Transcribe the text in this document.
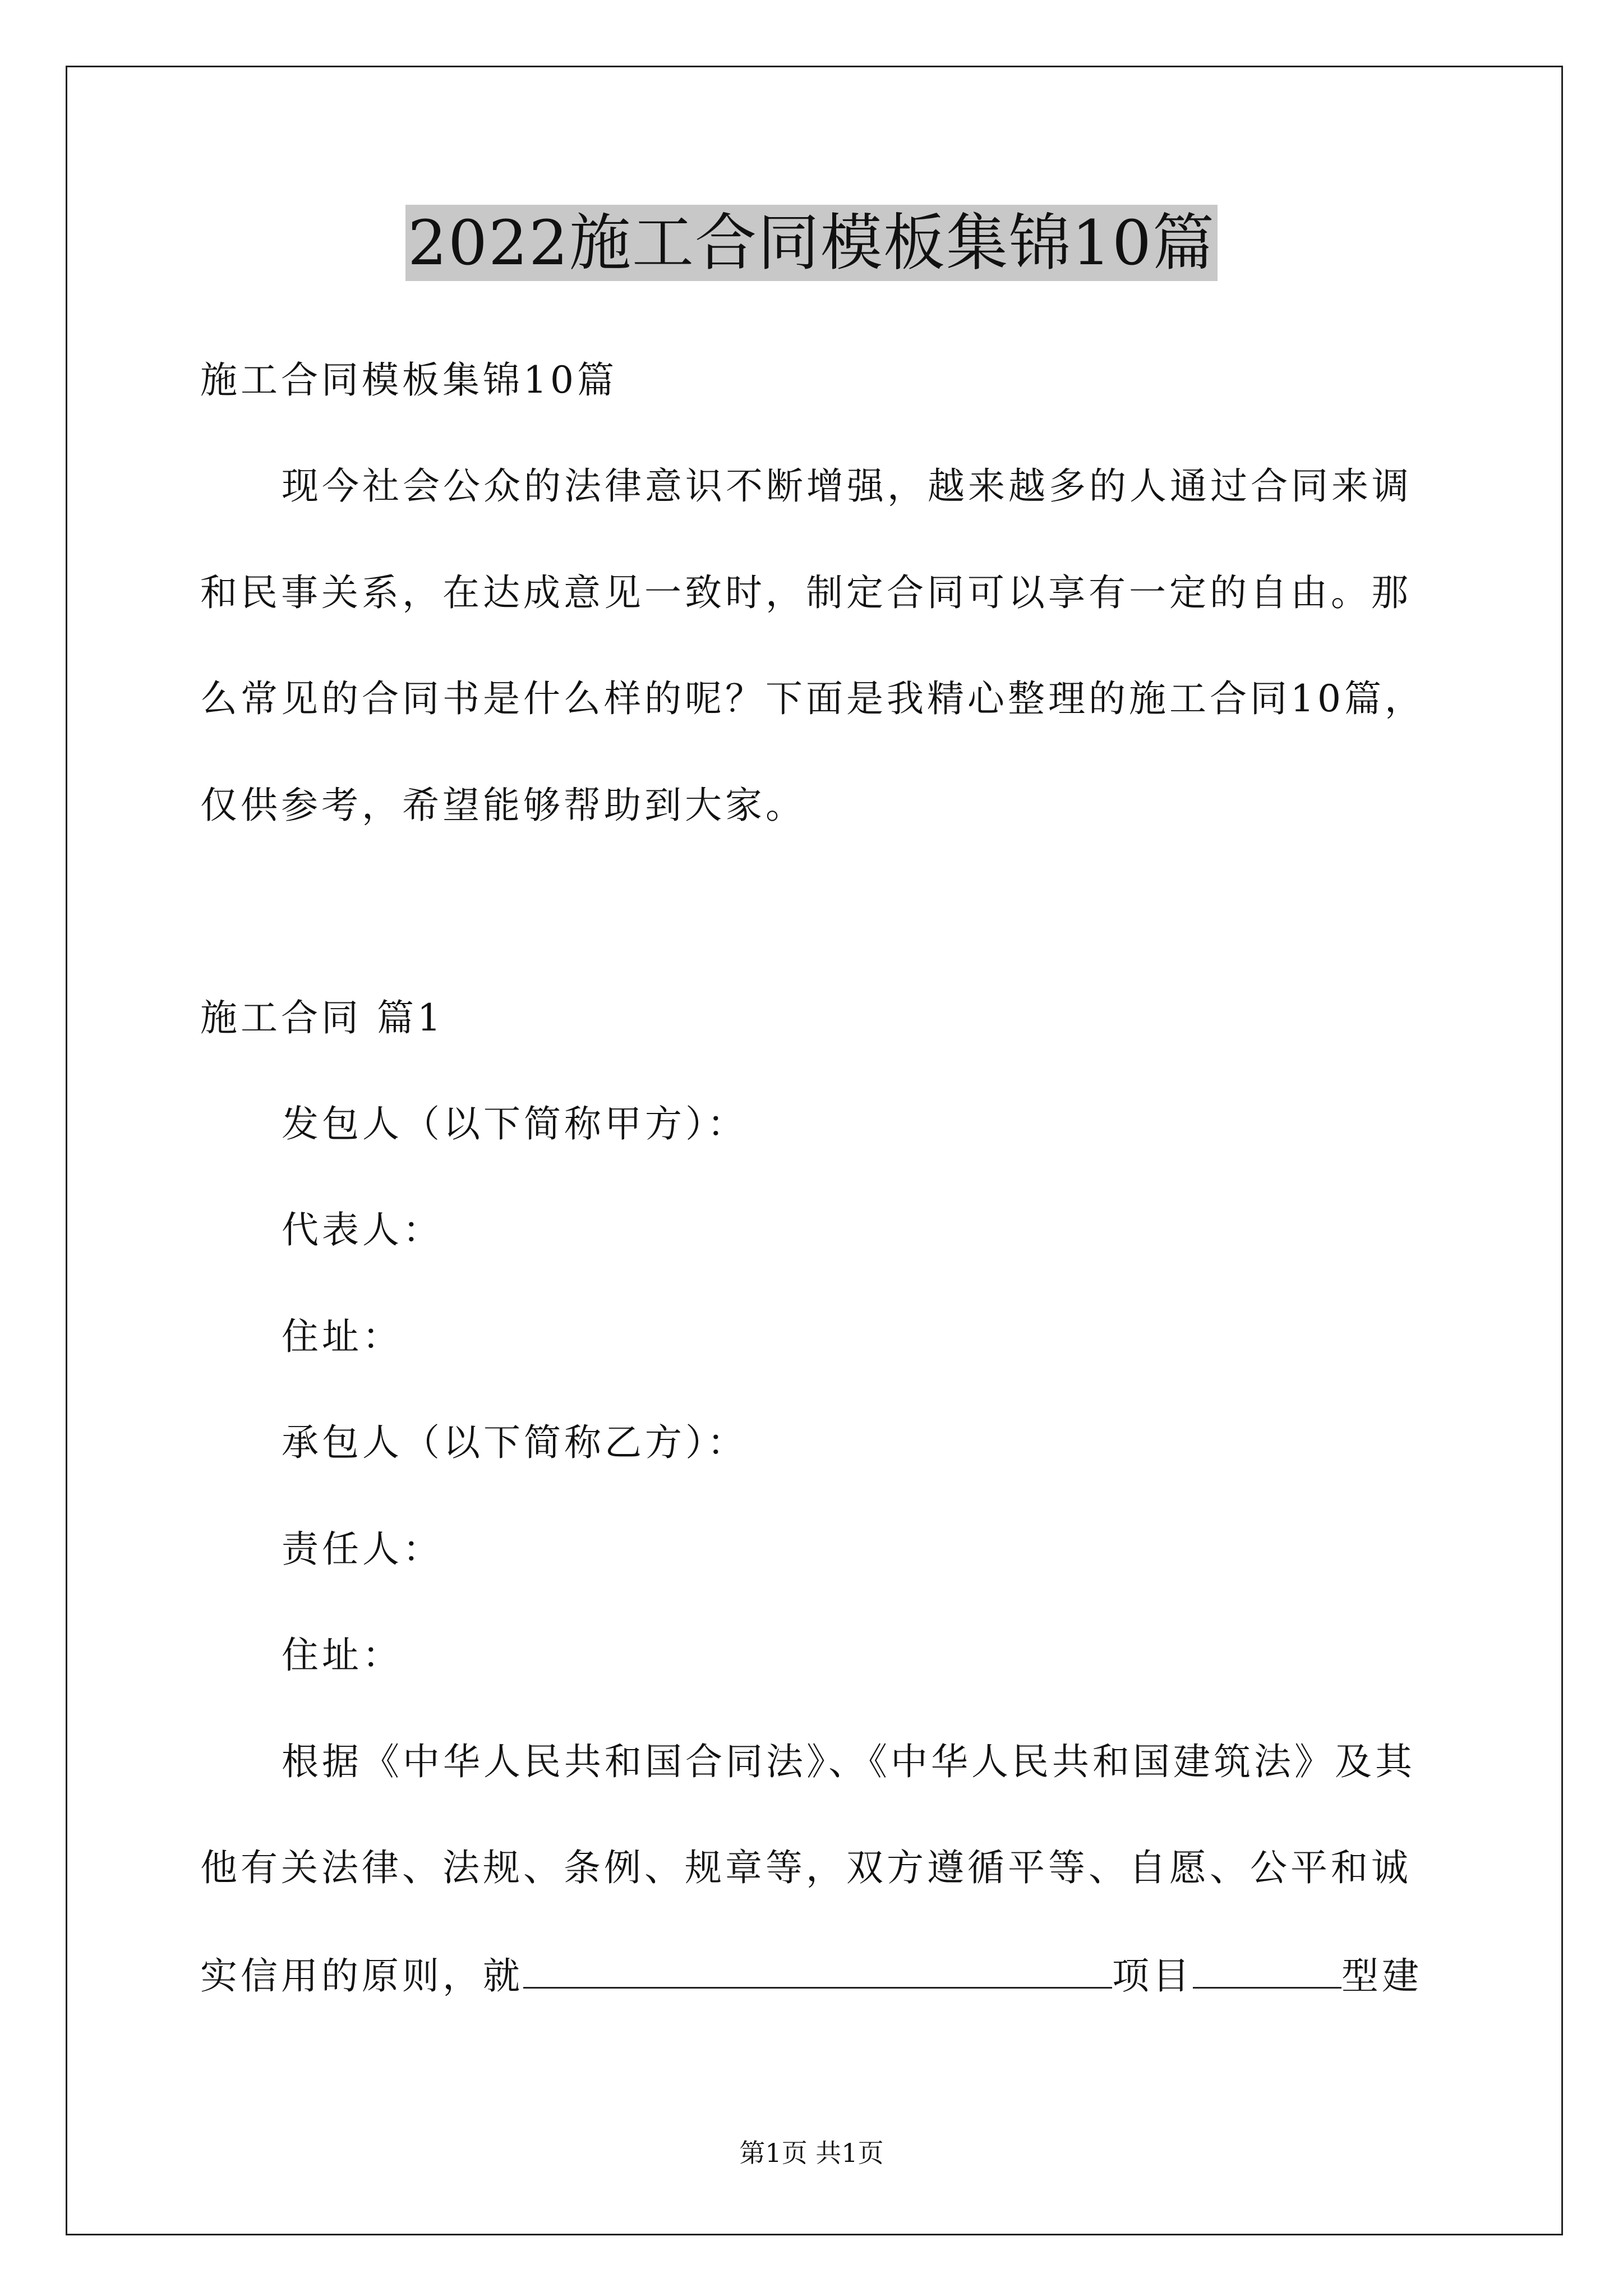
2022施工合同模板集锦10篇
施工合同模板集锦10篇
现今社会公众的法律意识不断增强，越来越多的人通过合同来调
和民事关系，在达成意见一致时，制定合同可以享有一定的自由。那
么常见的合同书是什么样的呢？下面是我精心整理的施工合同10篇，
仅供参考，希望能够帮助到大家。
施工合同 篇1
发包人（以下简称甲方）：
代表人：
住址：
承包人（以下简称乙方）：
责任人：
住址：
根据《中华人民共和国合同法》、《中华人民共和国建筑法》及其
他有关法律、法规、条例、规章等，双方遵循平等、自愿、公平和诚
实信用的原则，就	项目	型建
第1页 共1页
